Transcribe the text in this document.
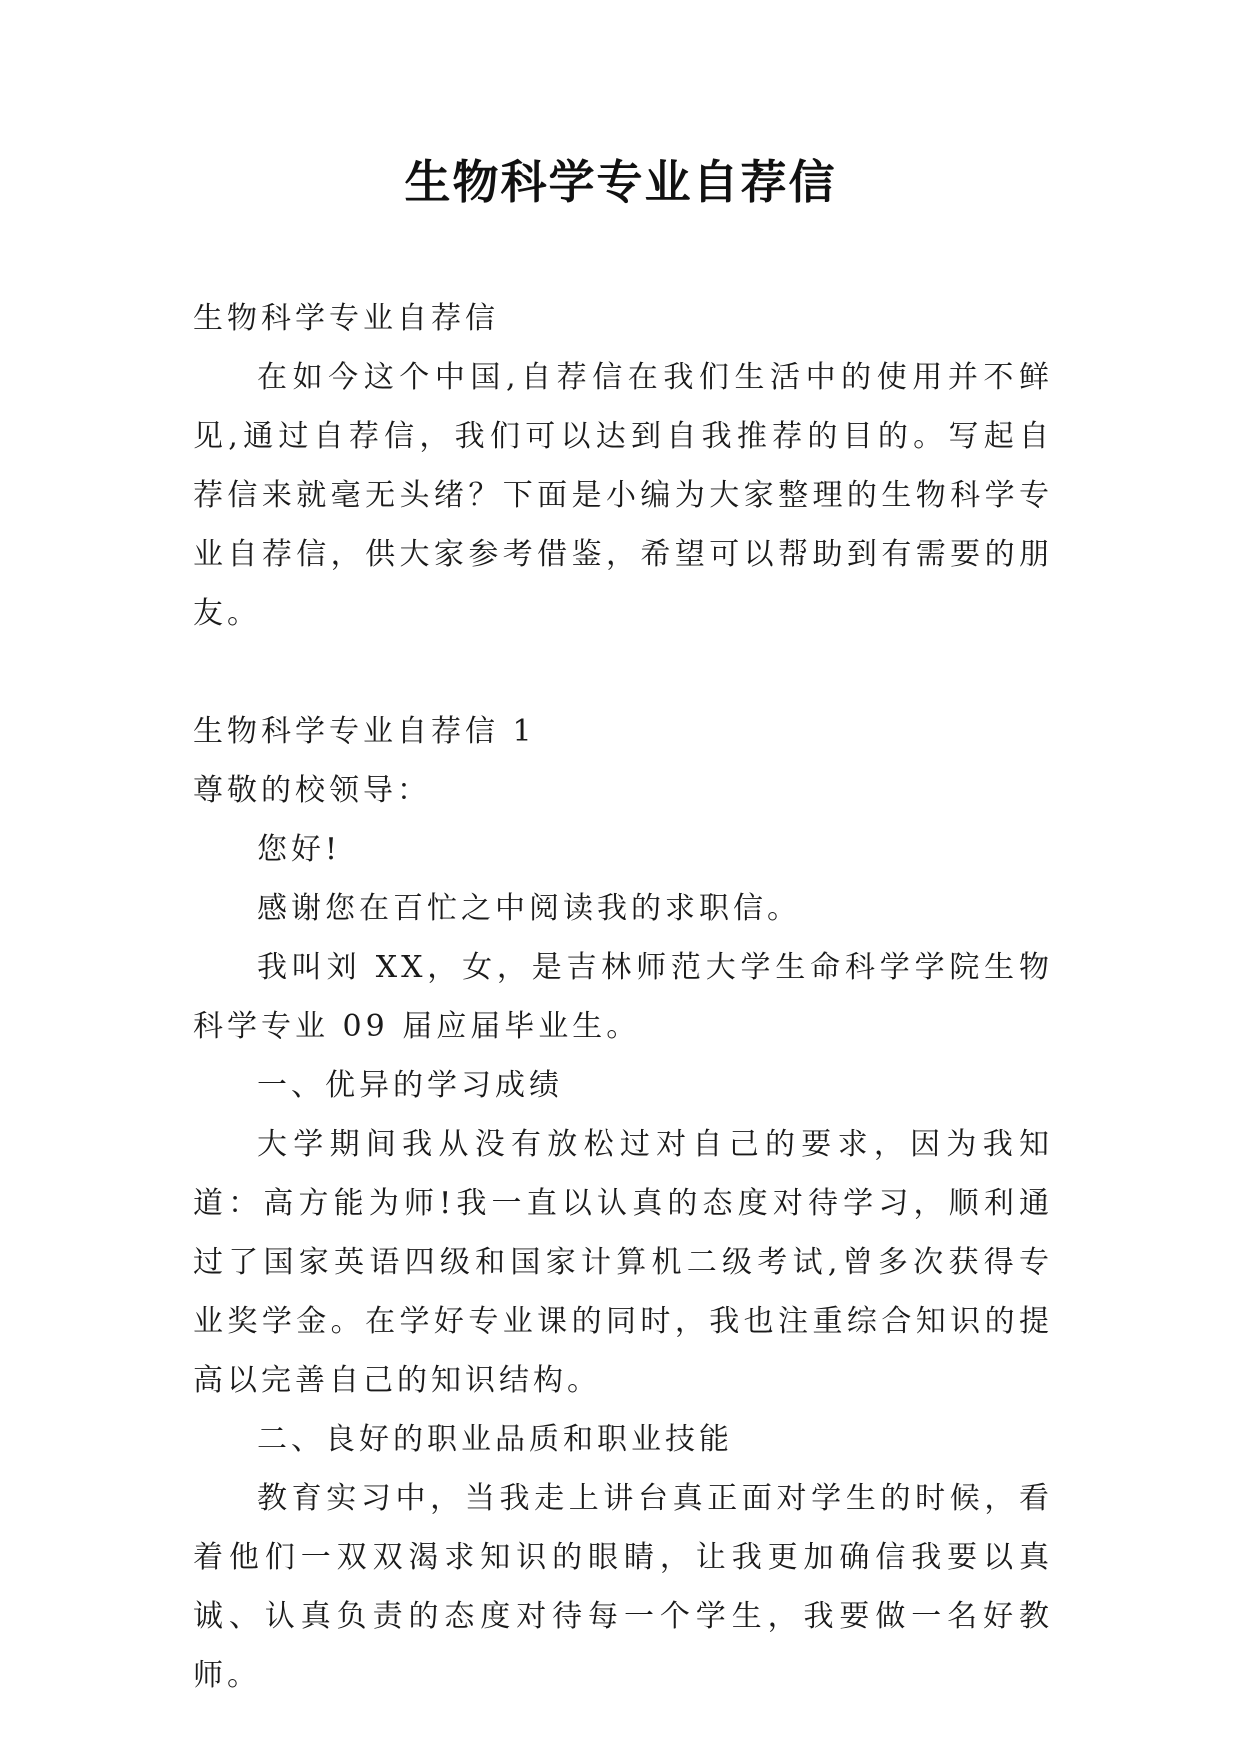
生物科学专业自荐信

生物科学专业自荐信

在如今这个中国,自荐信在我们生活中的使用并不鲜见,通过自荐信，我们可以达到自我推荐的目的。写起自荐信来就毫无头绪？下面是小编为大家整理的生物科学专业自荐信，供大家参考借鉴，希望可以帮助到有需要的朋友。

生物科学专业自荐信 1

尊敬的校领导：

您好!

感谢您在百忙之中阅读我的求职信。

我叫刘 XX，女，是吉林师范大学生命科学学院生物科学专业 09 届应届毕业生。

一、优异的学习成绩

大学期间我从没有放松过对自己的要求，因为我知道：高方能为师!我一直以认真的态度对待学习，顺利通过了国家英语四级和国家计算机二级考试,曾多次获得专业奖学金。在学好专业课的同时，我也注重综合知识的提高以完善自己的知识结构。

二、良好的职业品质和职业技能

教育实习中，当我走上讲台真正面对学生的时候，看着他们一双双渴求知识的眼睛，让我更加确信我要以真诚、认真负责的态度对待每一个学生，我要做一名好教师。
